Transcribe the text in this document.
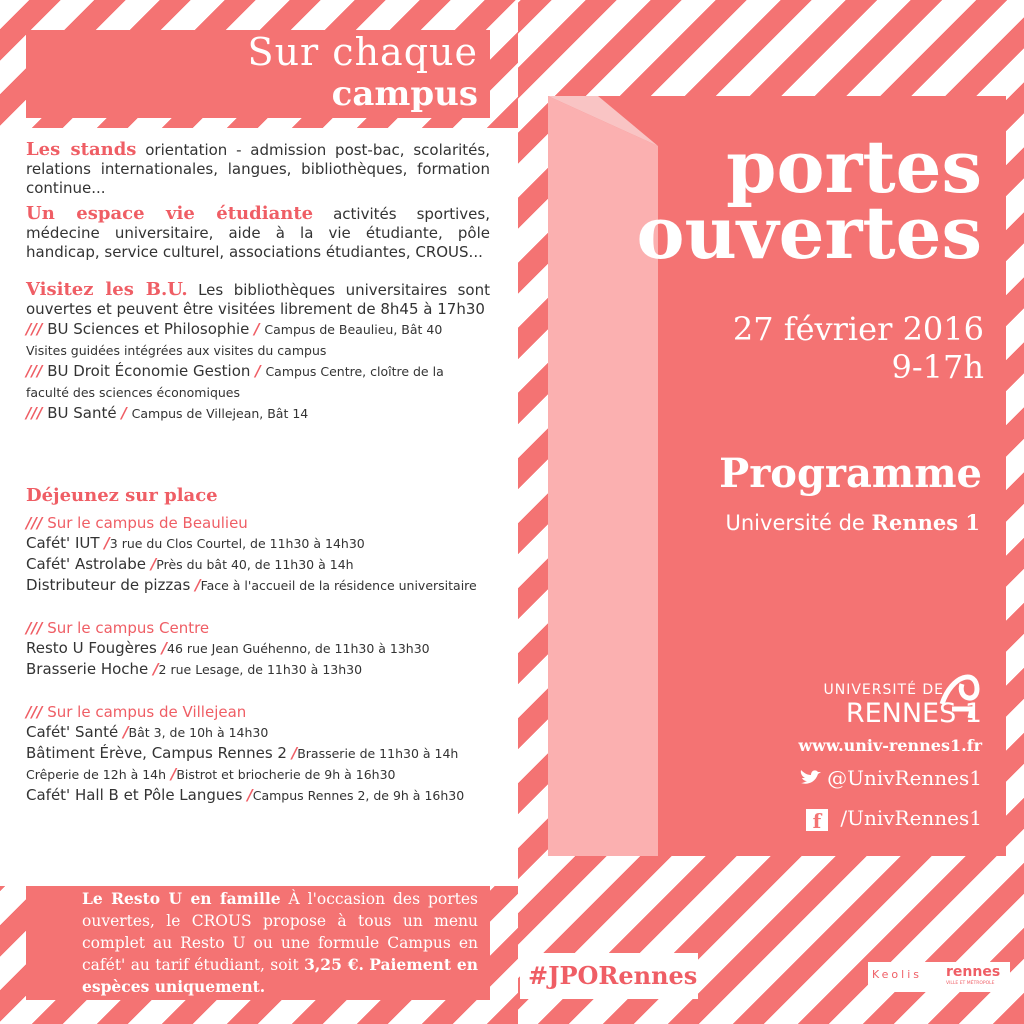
Sur chaque
campus

Les stands orientation - admission post-bac, scolarités, relations internationales, langues, bibliothèques, formation continue...

Un espace vie étudiante activités sportives, médecine universitaire, aide à la vie étudiante, pôle handicap, service culturel, associations étudiantes, CROUS...

Visitez les B.U. Les bibliothèques universitaires sont ouvertes et peuvent être visitées librement de 8h45 à 17h30

/// BU Sciences et Philosophie / Campus de Beaulieu, Bât 40
Visites guidées intégrées aux visites du campus
/// BU Droit Économie Gestion / Campus Centre, cloître de la faculté des sciences économiques
/// BU Santé / Campus de Villejean, Bât 14
Déjeunez sur place
/// Sur le campus de Beaulieu
Cafét' IUT /3 rue du Clos Courtel, de 11h30 à 14h30
Cafét' Astrolabe /Près du bât 40, de 11h30 à 14h
Distributeur de pizzas /Face à l'accueil de la résidence universitaire
/// Sur le campus Centre
Resto U Fougères /46 rue Jean Guéhenno, de 11h30 à 13h30
Brasserie Hoche /2 rue Lesage, de 11h30 à 13h30
/// Sur le campus de Villejean
Cafét' Santé /Bât 3, de 10h à 14h30
Bâtiment Érève, Campus Rennes 2 /Brasserie de 11h30 à 14h
Crêperie de 12h à 14h /Bistrot et briocherie de 9h à 16h30
Cafét' Hall B et Pôle Langues /Campus Rennes 2, de 9h à 16h30
Le Resto U en famille À l'occasion des portes ouvertes, le CROUS propose à tous un menu complet au Resto U ou une formule Campus en cafét' au tarif étudiant, soit 3,25 €. Paiement en espèces uniquement.
portes
ouvertes
27 février 2016
9-17h
Programme
Université de Rennes 1
UNIVERSITÉ DE
RENNES 1
www.univ-rennes1.fr
@UnivRennes1
f /UnivRennes1
#JPORennes	Keolis rennes
VILLE ET MÉTROPOLE
